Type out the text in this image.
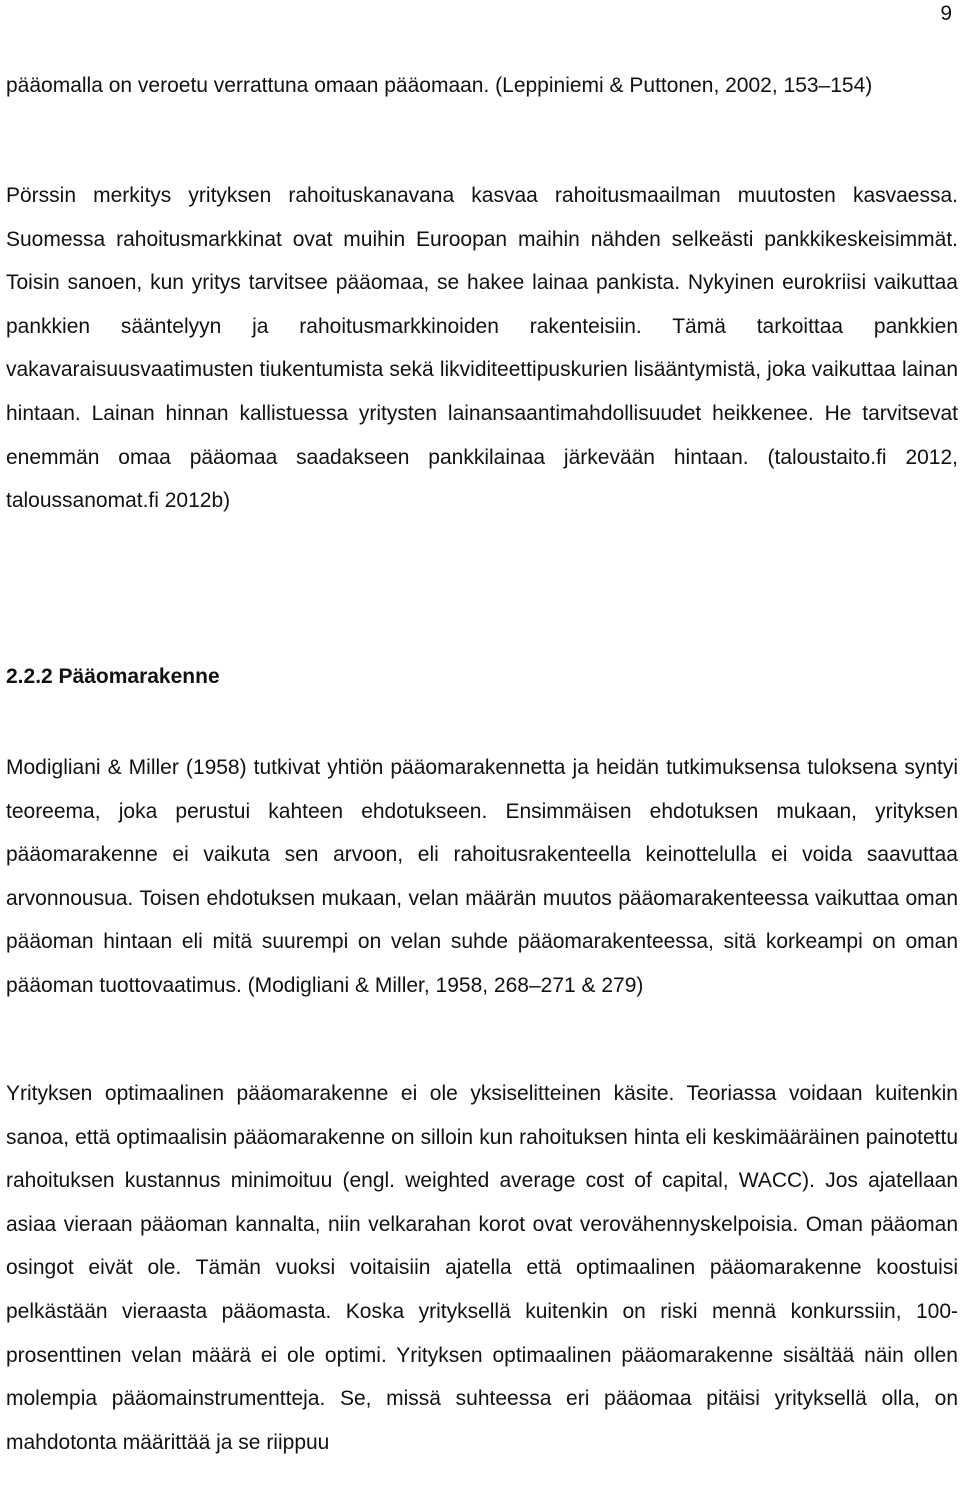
9

pääomalla on veroetu verrattuna omaan pääomaan. (Leppiniemi & Puttonen, 2002, 153–154)

Pörssin merkitys yrityksen rahoituskanavana kasvaa rahoitusmaailman muutosten kasvaessa. Suomessa rahoitusmarkkinat ovat muihin Euroopan maihin nähden selkeästi pankkikeskeisimmät. Toisin sanoen, kun yritys tarvitsee pääomaa, se hakee lainaa pankista. Nykyinen eurokriisi vaikuttaa pankkien sääntelyyn ja rahoitusmarkkinoiden rakenteisiin. Tämä tarkoittaa pankkien vakavaraisuusvaatimusten tiukentumista sekä likviditeettipuskurien lisääntymistä, joka vaikuttaa lainan hintaan. Lainan hinnan kallistuessa yritysten lainansaantimahdollisuudet heikkenee. He tarvitsevat enemmän omaa pääomaa saadakseen pankkilainaa järkevään hintaan. (taloustaito.fi 2012, taloussanomat.fi 2012b)

2.2.2 Pääomarakenne

Modigliani & Miller (1958) tutkivat yhtiön pääomarakennetta ja heidän tutkimuksensa tuloksena syntyi teoreema, joka perustui kahteen ehdotukseen. Ensimmäisen ehdotuksen mukaan, yrityksen pääomarakenne ei vaikuta sen arvoon, eli rahoitusrakenteella keinottelulla ei voida saavuttaa arvonnousua. Toisen ehdotuksen mukaan, velan määrän muutos pääomarakenteessa vaikuttaa oman pääoman hintaan eli mitä suurempi on velan suhde pääomarakenteessa, sitä korkeampi on oman pääoman tuottovaatimus. (Modigliani & Miller, 1958, 268–271 & 279)

Yrityksen optimaalinen pääomarakenne ei ole yksiselitteinen käsite. Teoriassa voidaan kuitenkin sanoa, että optimaalisin pääomarakenne on silloin kun rahoituksen hinta eli keskimääräinen painotettu rahoituksen kustannus minimoituu (engl. weighted average cost of capital, WACC). Jos ajatellaan asiaa vieraan pääoman kannalta, niin velkarahan korot ovat verovähennyskelpoisia. Oman pääoman osingot eivät ole. Tämän vuoksi voitaisiin ajatella että optimaalinen pääomarakenne koostuisi pelkästään vieraasta pääomasta. Koska yrityksellä kuitenkin on riski mennä konkurssiin, 100-prosenttinen velan määrä ei ole optimi. Yrityksen optimaalinen pääomarakenne sisältää näin ollen molempia pääomainstrumentteja. Se, missä suhteessa eri pääomaa pitäisi yrityksellä olla, on mahdotonta määrittää ja se riippuu
